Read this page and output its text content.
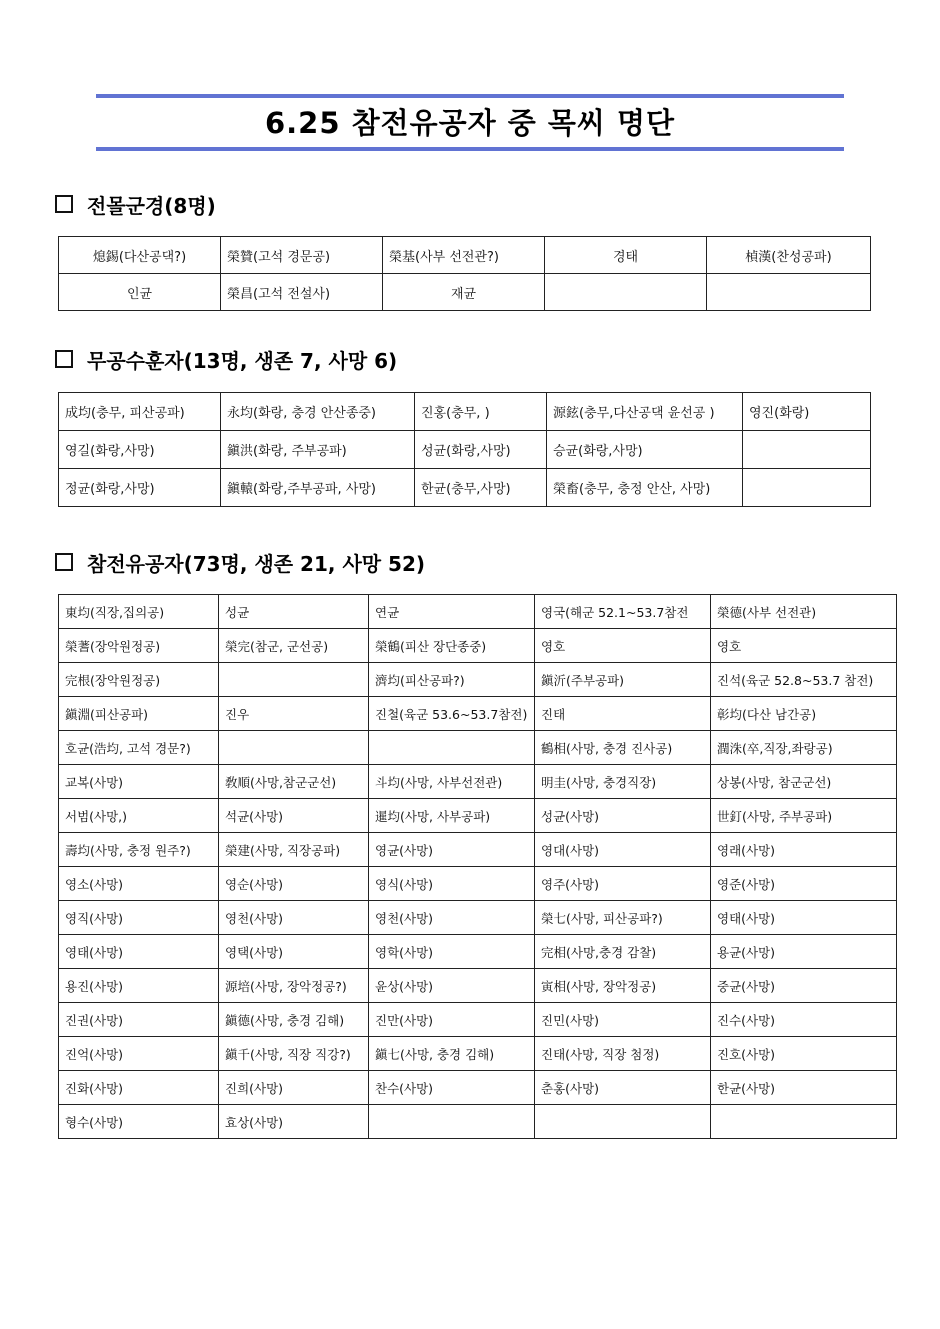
6.25 참전유공자 중 목씨 명단
전몰군경(8명)
熄錫(다산공댁?)	榮贊(고석 경문공)	榮基(사부 선전관?)	경태	楨漢(찬성공파)
인균	榮昌(고석 전설사)	재균		
무공수훈자(13명, 생존 7, 사망 6)
成均(충무, 피산공파)	永均(화랑, 충경 안산종중)	진홍(충무, )	源鉉(충무,다산공댁 윤선공 )	영진(화랑)
영길(화랑,사망)	鎭洪(화랑, 주부공파)	성균(화랑,사망)	승균(화랑,사망)	
정균(화랑,사망)	鎭轅(화랑,주부공파, 사망)	한균(충무,사망)	榮畜(충무, 충정 안산, 사망)	
참전유공자(73명, 생존 21, 사망 52)
東均(직장,집의공)	성균	연균	영국(해군 52.1~53.7참전	榮德(사부 선전관)
榮蓍(장악원정공)	榮完(참군, 군선공)	榮鶴(피산 장단종중)	영호	영호
完根(장악원정공)		濟均(피산공파?)	鎭沂(주부공파)	진석(육군 52.8~53.7 참전)
鎭淵(피산공파)	진우	진철(육군 53.6~53.7참전)	진태	彰均(다산 남간공)
호균(浩均, 고석 경문?)			鶴相(사망, 충경 진사공)	潤洙(卒,직장,좌랑공)
교복(사망)	敎順(사망,참군군선)	斗均(사망, 사부선전관)	明圭(사망, 충경직장)	상봉(사망, 참군군선)
서범(사망,)	석균(사망)	暹均(사망, 사부공파)	성균(사망)	世釘(사망, 주부공파)
壽均(사망, 충정 원주?)	榮建(사망, 직장공파)	영균(사망)	영대(사망)	영래(사망)
영소(사망)	영순(사망)	영식(사망)	영주(사망)	영준(사망)
영직(사망)	영천(사망)	영천(사망)	榮七(사망, 피산공파?)	영태(사망)
영태(사망)	영택(사망)	영학(사망)	完相(사망,충경 감찰)	용균(사망)
용진(사망)	源培(사망, 장악정공?)	윤상(사망)	寅相(사망, 장악정공)	중균(사망)
진권(사망)	鎭德(사망, 충경 김해)	진만(사망)	진민(사망)	진수(사망)
진억(사망)	鎭千(사망, 직장 직강?)	鎭七(사망, 충경 김해)	진태(사망, 직장 첨정)	진호(사망)
진화(사망)	진희(사망)	찬수(사망)	춘홍(사망)	한균(사망)
형수(사망)	효상(사망)			
